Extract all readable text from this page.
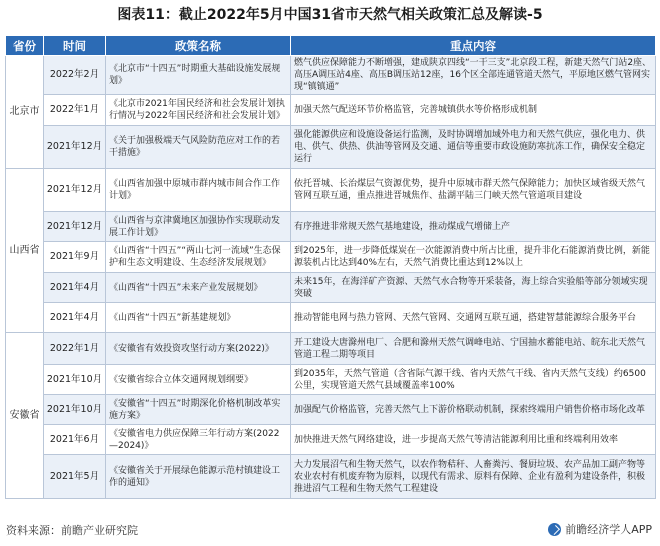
图表11：截止2022年5月中国31省市天然气相关政策汇总及解读-5
省份	时间	政策名称	重点内容
北京市	2022年2月	《北京市“十四五”时期重大基础设施发展规划》	燃气供应保障能力不断增强，建成陕京四线“一干三支”北京段工程，新建天然气门站2座、高压A调压站4座、高压B调压站12座，16个区全部连通管道天然气，平原地区燃气管网实现“镇镇通”
	2022年1月	《北京市2021年国民经济和社会发展计划执行情况与2022年国民经济和社会发展计划》	加强天然气配送环节价格监管，完善城镇供水等价格形成机制
	2021年12月	《关于加强极端天气风险防范应对工作的若干措施》	强化能源供应和设施设备运行监测，及时协调增加域外电力和天然气供应，强化电力、供电、供气、供热、供油等管网及交通、通信等重要市政设施防寒抗冻工作，确保安全稳定运行
山西省	2021年12月	《山西省加强中原城市群内城市间合作工作计划》	依托晋城、长治煤层气资源优势，提升中原城市群天然气保障能力；加快区域省级天然气管网互联互通，重点推进晋城焦作、盐湖平陆三门峡天然气管道项目建设
	2021年12月	《山西省与京津冀地区加强协作实现联动发展工作计划》	有序推进非常规天然气基地建设，推动煤成气增储上产
	2021年9月	《山西省“十四五”“两山七河一流域”生态保护和生态文明建设、生态经济发展规划》	到2025年，进一步降低煤炭在一次能源消费中所占比重，提升非化石能源消费比例，新能源装机占比达到40%左右，天然气消费比重达到12%以上
	2021年4月	《山西省“十四五”未来产业发展规划》	未来15年，在海洋矿产资源、天然气水合物等开采装备，海上综合实验船等部分领域实现突破
	2021年4月	《山西省“十四五”新基建规划》	推动智能电网与热力管网、天然气管网、交通网互联互通，搭建智慧能源综合服务平台
安徽省	2022年1月	《安徽省有效投资攻坚行动方案(2022)》	开工建设大唐滁州电厂、合肥和滁州天然气调峰电站、宁国抽水蓄能电站、皖东北天然气管道工程二期等项目
	2021年10月	《安徽省综合立体交通网规划纲要》	到2035年，天然气管道（含省际气源干线、省内天然气干线、省内天然气支线）约6500公里，实现管道天然气县域覆盖率100%
	2021年10月	《安徽省“十四五”时期深化价格机制改革实施方案》	加强配气价格监管，完善天然气上下游价格联动机制，探索终端用户销售价格市场化改革
	2021年6月	《安徽省电力供应保障三年行动方案(2022—2024)》	加快推进天然气网络建设，进一步提高天然气等清洁能源利用比重和终端利用效率
	2021年5月	《安徽省关于开展绿色能源示范村镇建设工作的通知》	大力发展沼气和生物天然气，以农作物秸秆、人畜粪污、餐厨垃圾、农产品加工副产物等农业农村有机废弃物为原料，以现代有需求、原料有保障、企业有盈利为建设条件，积极推进沼气工程和生物天然气工程建设
资料来源：前瞻产业研究院	前瞻经济学人APP
